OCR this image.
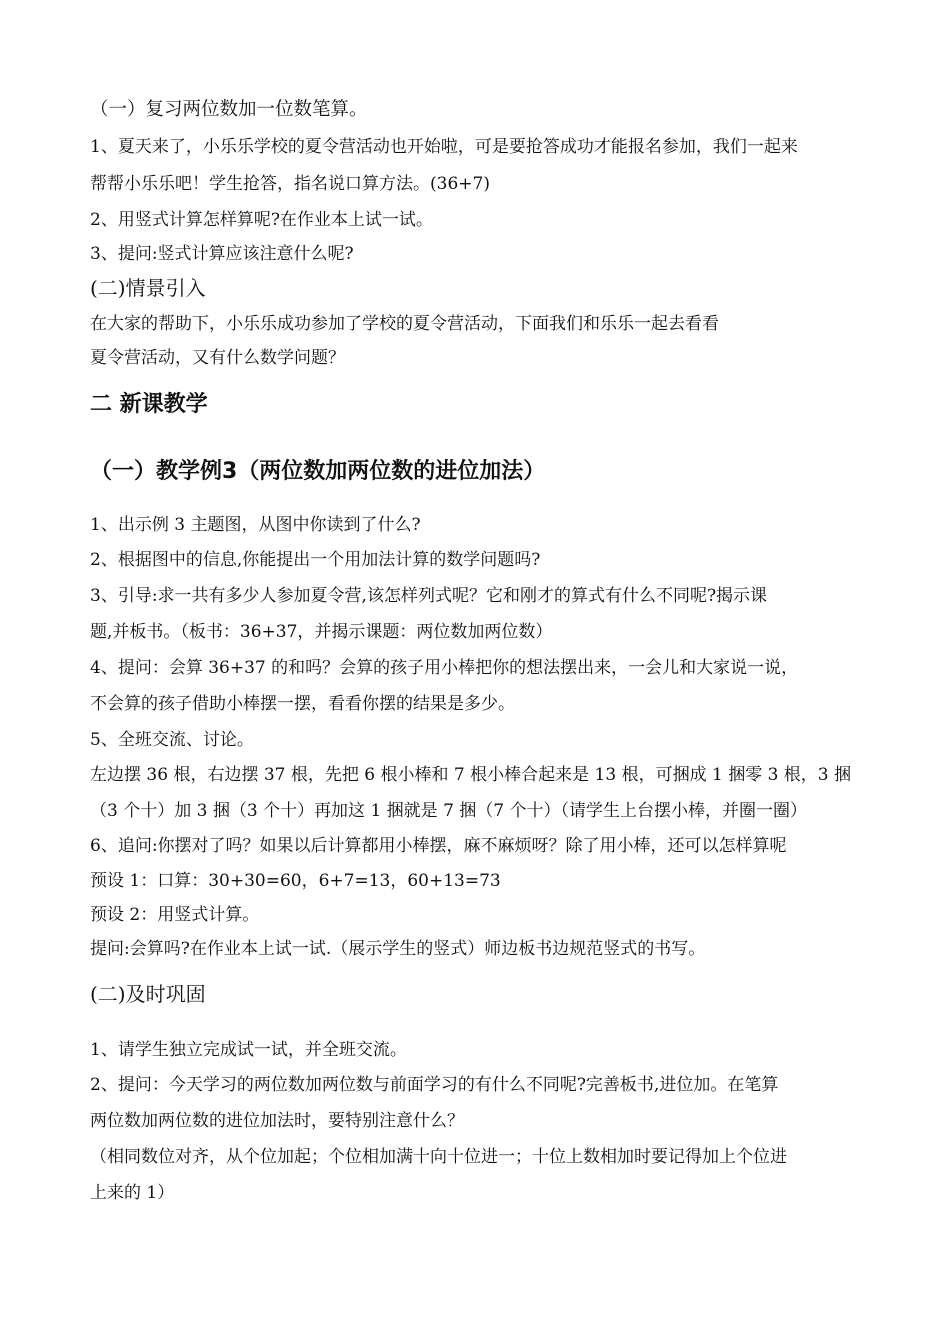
（一）复习两位数加一位数笔算。
1、夏天来了，小乐乐学校的夏令营活动也开始啦，可是要抢答成功才能报名参加，我们一起来
帮帮小乐乐吧！学生抢答，指名说口算方法。(36+7)
2、用竖式计算怎样算呢?在作业本上试一试。
3、提问:竖式计算应该注意什么呢?
(二)情景引入
在大家的帮助下，小乐乐成功参加了学校的夏令营活动，下面我们和乐乐一起去看看
夏令营活动，又有什么数学问题？
二 新课教学
（一）教学例3（两位数加两位数的进位加法）
1、出示例 3 主题图，从图中你读到了什么?
2、根据图中的信息,你能提出一个用加法计算的数学问题吗?
3、引导:求一共有多少人参加夏令营,该怎样列式呢？它和刚才的算式有什么不同呢?揭示课
题,并板书。（板书：36+37，并揭示课题：两位数加两位数）
4、提问：会算 36+37 的和吗？会算的孩子用小棒把你的想法摆出来，一会儿和大家说一说，
不会算的孩子借助小棒摆一摆，看看你摆的结果是多少。
5、全班交流、讨论。
左边摆 36 根，右边摆 37 根，先把 6 根小棒和 7 根小棒合起来是 13 根，可捆成 1 捆零 3 根，3 捆
（3 个十）加 3 捆（3 个十）再加这 1 捆就是 7 捆（7 个十）（请学生上台摆小棒，并圈一圈）
6、追问:你摆对了吗？如果以后计算都用小棒摆，麻不麻烦呀？除了用小棒，还可以怎样算呢
预设 1：口算：30+30=60，6+7=13，60+13=73
预设 2：用竖式计算。
提问:会算吗?在作业本上试一试.（展示学生的竖式）师边板书边规范竖式的书写。
(二)及时巩固
1、请学生独立完成试一试，并全班交流。
2、提问：今天学习的两位数加两位数与前面学习的有什么不同呢?完善板书,进位加。在笔算
两位数加两位数的进位加法时，要特别注意什么？
（相同数位对齐，从个位加起；个位相加满十向十位进一；十位上数相加时要记得加上个位进
上来的 1）
